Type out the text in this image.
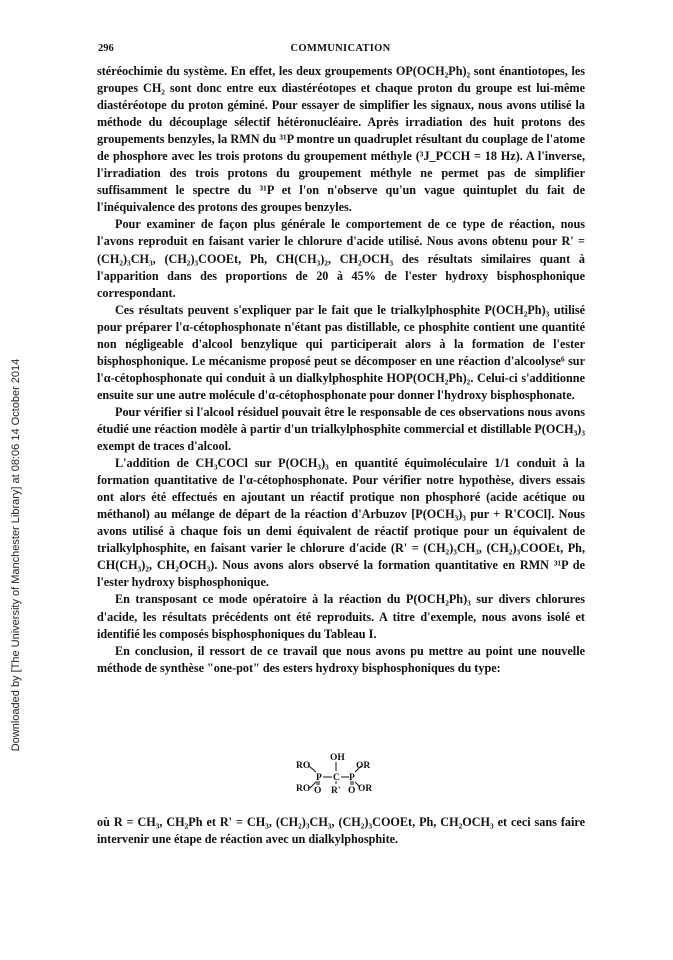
Downloaded by [The University of Manchester Library] at 08:06 14 October 2014
296	COMMUNICATION

stéréochimie du système. En effet, les deux groupements OP(OCH₂Ph)₂ sont énantiotopes, les groupes CH₂ sont donc entre eux diastéréotopes et chaque proton du groupe est lui-même diastéréotope du proton géminé. Pour essayer de simplifier les signaux, nous avons utilisé la méthode du découplage sélectif hétéronucléaire. Après irradiation des huit protons des groupements benzyles, la RMN du ³¹P montre un quadruplet résultant du couplage de l'atome de phosphore avec les trois protons du groupement méthyle (³J_PCCH = 18 Hz). A l'inverse, l'irradiation des trois protons du groupement méthyle ne permet pas de simplifier suffisamment le spectre du ³¹P et l'on n'observe qu'un vague quintuplet du fait de l'inéquivalence des protons des groupes benzyles.

Pour examiner de façon plus générale le comportement de ce type de réaction, nous l'avons reproduit en faisant varier le chlorure d'acide utilisé. Nous avons obtenu pour R' = (CH₂)₃CH₃, (CH₂)₃COOEt, Ph, CH(CH₃)₂, CH₂OCH₃ des résultats similaires quant à l'apparition dans des proportions de 20 à 45% de l'ester hydroxy bisphosphonique correspondant.

Ces résultats peuvent s'expliquer par le fait que le trialkylphosphite P(OCH₂Ph)₃ utilisé pour préparer l'α-cétophosphonate n'étant pas distillable, ce phosphite contient une quantité non négligeable d'alcool benzylique qui participerait alors à la formation de l'ester bisphosphonique. Le mécanisme proposé peut se décomposer en une réaction d'alcoolyse⁶ sur l'α-cétophosphonate qui conduit à un dialkylphosphite HOP(OCH₂Ph)₂. Celui-ci s'additionne ensuite sur une autre molécule d'α-cétophosphonate pour donner l'hydroxy bisphosphonate.

Pour vérifier si l'alcool résiduel pouvait être le responsable de ces observations nous avons étudié une réaction modèle à partir d'un trialkylphosphite commercial et distillable P(OCH₃)₃ exempt de traces d'alcool.

L'addition de CH₃COCl sur P(OCH₃)₃ en quantité équimoléculaire 1/1 conduit à la formation quantitative de l'α-cétophosphonate. Pour vérifier notre hypothèse, divers essais ont alors été effectués en ajoutant un réactif protique non phosphoré (acide acétique ou méthanol) au mélange de départ de la réaction d'Arbuzov [P(OCH₃)₃ pur + R'COCl]. Nous avons utilisé à chaque fois un demi équivalent de réactif protique pour un équivalent de trialkylphosphite, en faisant varier le chlorure d'acide (R' = (CH₂)₃CH₃, (CH₂)₃COOEt, Ph, CH(CH₃)₂, CH₂OCH₃). Nous avons alors observé la formation quantitative en RMN ³¹P de l'ester hydroxy bisphosphonique.

En transposant ce mode opératoire à la réaction du P(OCH₂Ph)₃ sur divers chlorures d'acide, les résultats précédents ont été reproduits. A titre d'exemple, nous avons isolé et identifié les composés bisphosphoniques du Tableau I.

En conclusion, il ressort de ce travail que nous avons pu mettre au point une nouvelle méthode de synthèse "one-pot" des esters hydroxy bisphosphoniques du type:

OH
RO	OR
P C P
RO O R' O OR

où R = CH₃, CH₂Ph et R' = CH₃, (CH₂)₃CH₃, (CH₂)₃COOEt, Ph, CH₂OCH₃ et ceci sans faire intervenir une étape de réaction avec un dialkylphosphite.
